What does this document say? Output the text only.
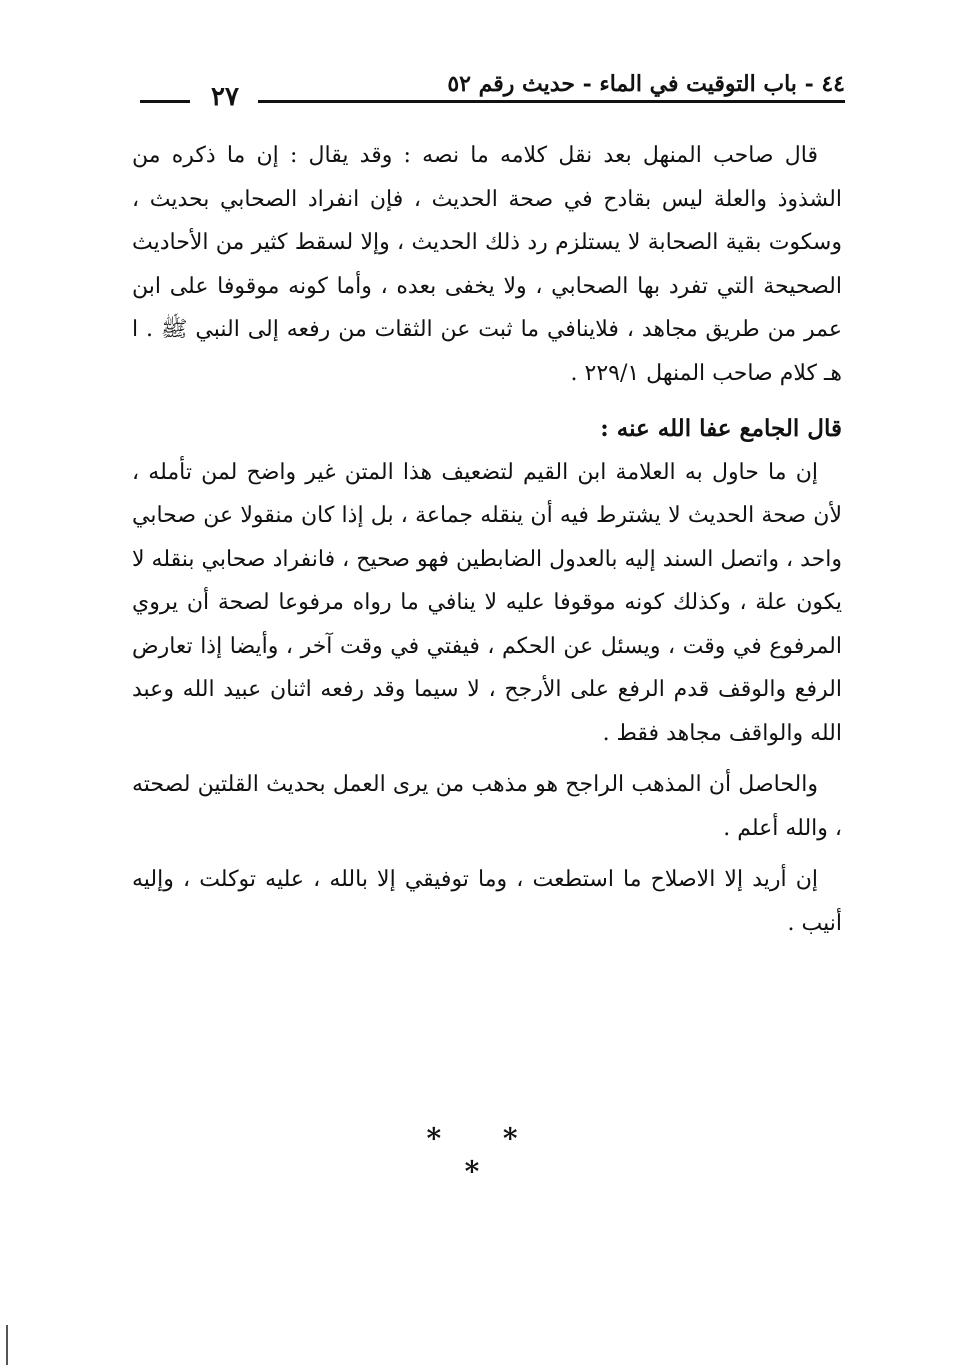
٤٤ - باب التوقيت في الماء - حديث رقم ٥٢
٢٧

قال صاحب المنهل بعد نقل كلامه ما نصه : وقد يقال : إن ما ذكره من الشذوذ والعلة ليس بقادح في صحة الحديث ، فإن انفراد الصحابي بحديث ، وسكوت بقية الصحابة لا يستلزم رد ذلك الحديث ، وإلا لسقط كثير من الأحاديث الصحيحة التي تفرد بها الصحابي ، ولا يخفى بعده ، وأما كونه موقوفا على ابن عمر من طريق مجاهد ، فلاينافي ما ثبت عن الثقات من رفعه إلى النبي ﷺ . ا هـ كلام صاحب المنهل ٢٢٩/١ .

قال الجامع عفا الله عنه :

إن ما حاول به العلامة ابن القيم لتضعيف هذا المتن غير واضح لمن تأمله ، لأن صحة الحديث لا يشترط فيه أن ينقله جماعة ، بل إذا كان منقولا عن صحابي واحد ، واتصل السند إليه بالعدول الضابطين فهو صحيح ، فانفراد صحابي بنقله لا يكون علة ، وكذلك كونه موقوفا عليه لا ينافي ما رواه مرفوعا لصحة أن يروي المرفوع في وقت ، ويسئل عن الحكم ، فيفتي في وقت آخر ، وأيضا إذا تعارض الرفع والوقف قدم الرفع على الأرجح ، لا سيما وقد رفعه اثنان عبيد الله وعبد الله والواقف مجاهد فقط .

والحاصل أن المذهب الراجح هو مذهب من يرى العمل بحديث القلتين لصحته ، والله أعلم .

إن أريد إلا الاصلاح ما استطعت ، وما توفيقي إلا بالله ، عليه توكلت ، وإليه أنيب .

* * *
